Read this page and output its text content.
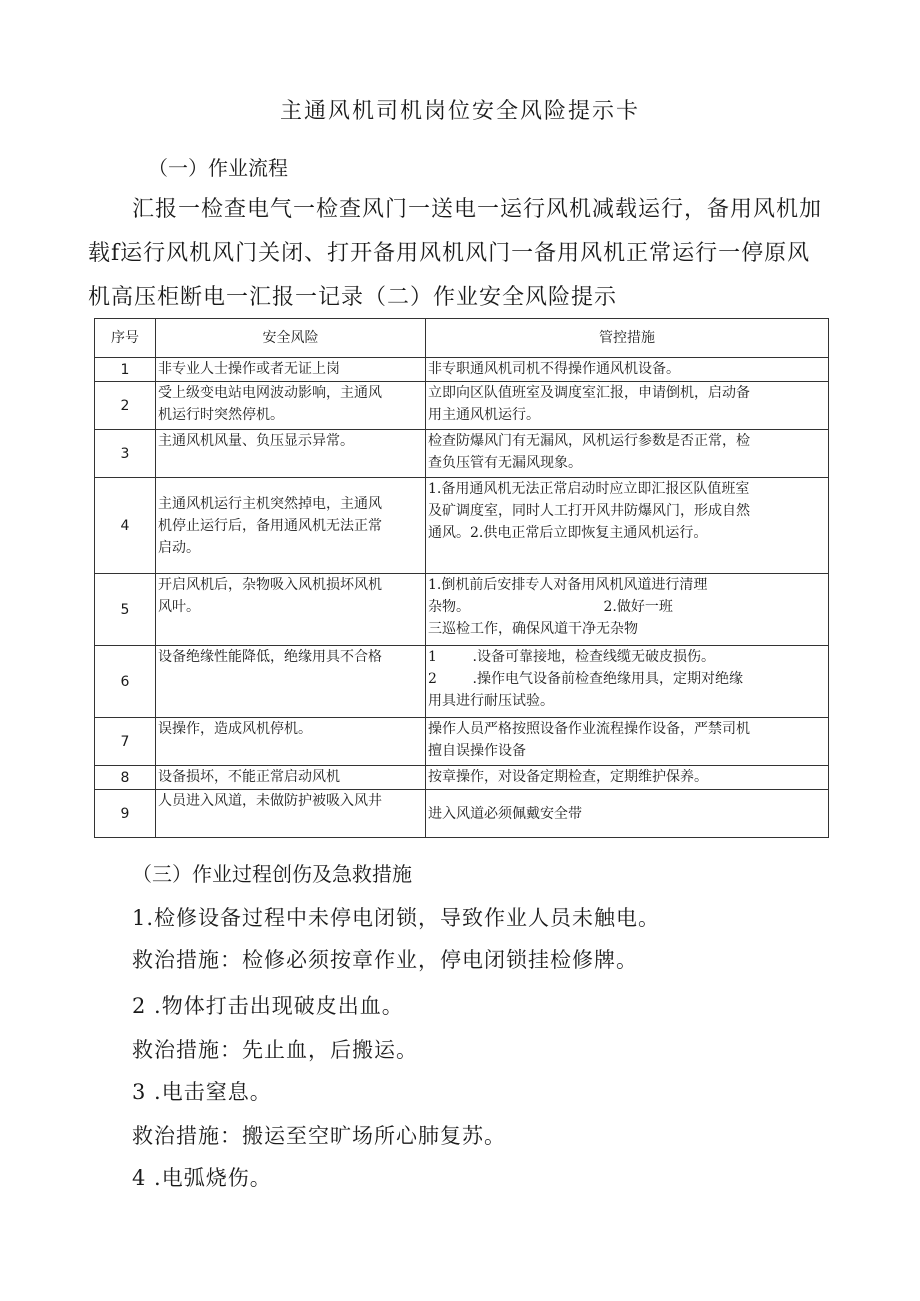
主通风机司机岗位安全风险提示卡
（一）作业流程
汇报一检查电气一检查风门一送电一运行风机减载运行，备用风机加
载f运行风机风门关闭、打开备用风机风门一备用风机正常运行一停原风
机高压柜断电一汇报一记录（二）作业安全风险提示
序号	安全风险	管控措施
1	非专业人士操作或者无证上岗	非专职通风机司机不得操作通风机设备。

2	受上级变电站电网波动影响，主通风
机运行时突然停机。	立即向区队值班室及调度室汇报，申请倒机，启动备
用主通风机运行。

3	主通风机风量、负压显示异常。	检查防爆风门有无漏风，风机运行参数是否正常，检
查负压管有无漏风现象。

4	主通风机运行主机突然掉电，主通风
机停止运行后，备用通风机无法正常
启动。	1.备用通风机无法正常启动时应立即汇报区队值班室
及矿调度室，同时人工打开风井防爆风门，形成自然
通风。2.供电正常后立即恢复主通风机运行。

5	开启风机后，杂物吸入风机损坏风机
风叶。	1.倒机前后安排专人对备用风机风道进行清理
杂物。                              2.做好一班
三巡检工作，确保风道干净无杂物

6	设备绝缘性能降低，绝缘用具不合格	1        .设备可靠接地，检查线缆无破皮损伤。
2        .操作电气设备前检查绝缘用具，定期对绝缘
用具进行耐压试验。

7	误操作，造成风机停机。	操作人员严格按照设备作业流程操作设备，严禁司机
擅自误操作设备

8	设备损坏，不能正常启动风机	按章操作，对设备定期检查，定期维护保养。

9	人员进入风道，未做防护被吸入风井	进入风道必须佩戴安全带
（三）作业过程创伤及急救措施
1.检修设备过程中未停电闭锁，导致作业人员未触电。
救治措施：检修必须按章作业，停电闭锁挂检修牌。
2 .物体打击出现破皮出血。
救治措施：先止血，后搬运。
3 .电击窒息。
救治措施：搬运至空旷场所心肺复苏。
4 .电弧烧伤。
